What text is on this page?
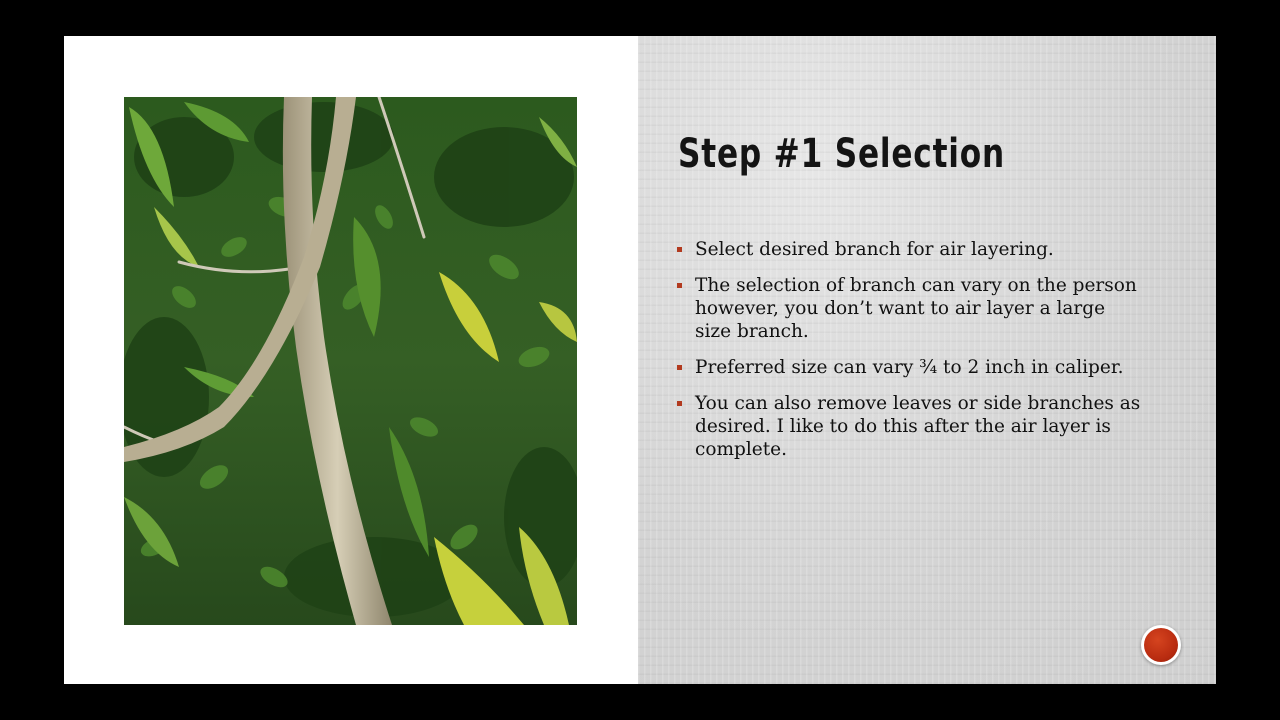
Step #1 Selection
Select desired branch for air layering.
The selection of branch can vary on the person however, you don’t want to air layer a large size branch.
Preferred size can vary ¾ to 2 inch in caliper.
You can also remove leaves or side branches as desired. I like to do this after the air layer is complete.
